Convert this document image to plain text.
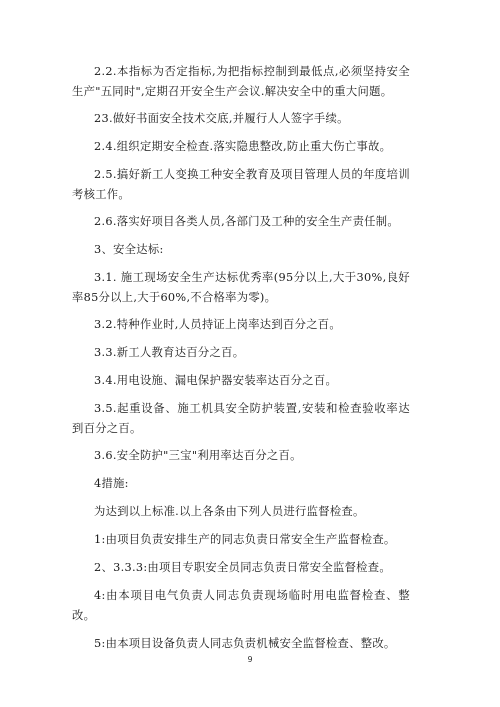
2.2.本指标为否定指标,为把指标控制到最低点,必须坚持安全生产"五同时",定期召开安全生产会议.解决安全中的重大问题。

23.做好书面安全技术交底,并履行人人签字手续。

2.4.组织定期安全检查.落实隐患整改,防止重大伤亡事故。

2.5.搞好新工人变换工种安全教育及项目管理人员的年度培训考核工作。

2.6.落实好项目各类人员,各部门及工种的安全生产责任制。

3、安全达标:

3.1. 施工现场安全生产达标优秀率(95分以上,大于30%,良好率85分以上,大于60%,不合格率为零)。

3.2.特种作业时,人员持证上岗率达到百分之百。

3.3.新工人教育达百分之百。

3.4.用电设施、漏电保护器安装率达百分之百。

3.5.起重设备、施工机具安全防护装置,安装和检查验收率达到百分之百。

3.6.安全防护"三宝"利用率达百分之百。

4措施:

为达到以上标准.以上各条由下列人员进行监督检查。

1:由项目负责安排生产的同志负责日常安全生产监督检查。

2、3.3.3:由项目专职安全员同志负责日常安全监督检查。

4:由本项目电气负责人同志负责现场临时用电监督检查、整改。

5:由本项目设备负责人同志负责机械安全监督检查、整改。

9
